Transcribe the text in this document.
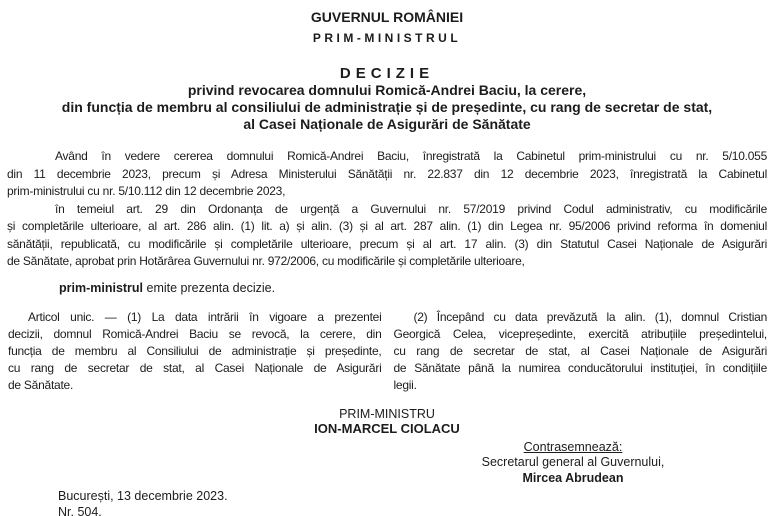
GUVERNUL ROMÂNIEI
PRIM-MINISTRUL
DECIZIE
privind revocarea domnului Romică-Andrei Baciu, la cerere,
din funcția de membru al consiliului de administrație și de președinte, cu rang de secretar de stat,
al Casei Naționale de Asigurări de Sănătate
Având în vedere cererea domnului Romică-Andrei Baciu, înregistrată la Cabinetul prim-ministrului cu nr. 5/10.055
din 11 decembrie 2023, precum și Adresa Ministerului Sănătății nr. 22.837 din 12 decembrie 2023, înregistrată la Cabinetul
prim-ministrului cu nr. 5/10.112 din 12 decembrie 2023,
în temeiul art. 29 din Ordonanța de urgență a Guvernului nr. 57/2019 privind Codul administrativ, cu modificările
și completările ulterioare, al art. 286 alin. (1) lit. a) și alin. (3) și al art. 287 alin. (1) din Legea nr. 95/2006 privind reforma în domeniul
sănătății, republicată, cu modificările și completările ulterioare, precum și al art. 17 alin. (3) din Statutul Casei Naționale de Asigurări
de Sănătate, aprobat prin Hotărârea Guvernului nr. 972/2006, cu modificările și completările ulterioare,
prim-ministrul emite prezenta decizie.
Articol unic. — (1) La data intrării în vigoare a prezentei
decizii, domnul Romică-Andrei Baciu se revocă, la cerere, din
funcția de membru al Consiliului de administrație și președinte,
cu rang de secretar de stat, al Casei Naționale de Asigurări
de Sănătate.
(2) Începând cu data prevăzută la alin. (1), domnul Cristian
Georgică Celea, vicepreședinte, exercită atribuțiile președintelui,
cu rang de secretar de stat, al Casei Naționale de Asigurări
de Sănătate până la numirea conducătorului instituției, în condițiile
legii.
PRIM-MINISTRU
ION-MARCEL CIOLACU
Contrasemnează:
Secretarul general al Guvernului,
Mircea Abrudean
București, 13 decembrie 2023.
Nr. 504.
